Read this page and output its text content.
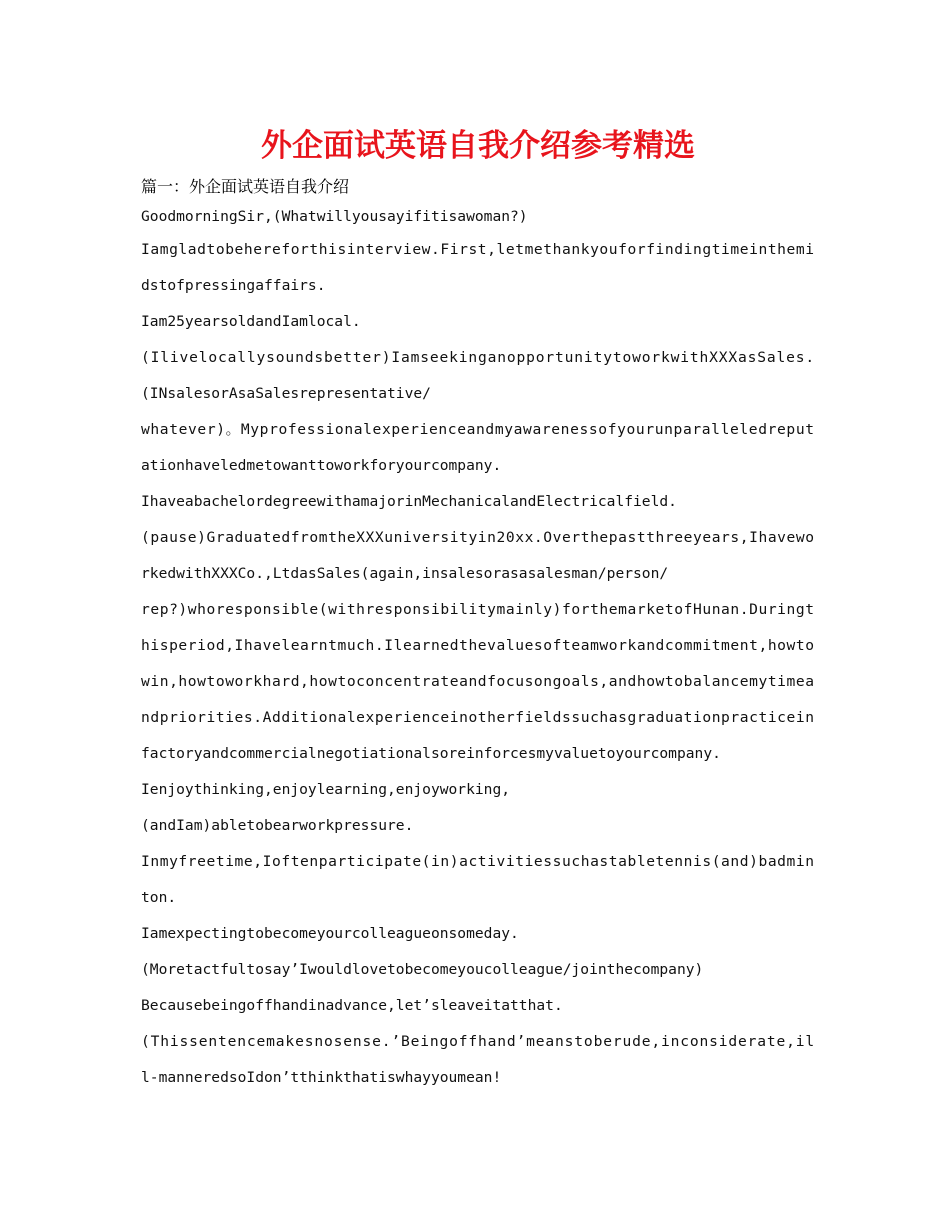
外企面试英语自我介绍参考精选

篇一：外企面试英语自我介绍

GoodmorningSir,(Whatwillyousayifitisawoman?)
Iamgladtobehereforthisinterview.First,letmethankyouforfindingtimeinthemi
dstofpressingaffairs.
Iam25yearsoldandIamlocal.
(Ilivelocallysoundsbetter)IamseekinganopportunitytoworkwithXXXasSales.
(INsalesorAsaSalesrepresentative/
whatever)。Myprofessionalexperienceandmyawarenessofyourunparalleledreput
ationhaveledmetowanttoworkforyourcompany.
IhaveabachelordegreewithamajorinMechanicalandElectricalfield.
(pause)GraduatedfromtheXXXuniversityin20xx.Overthepastthreeyears,Ihavewo
rkedwithXXXCo.,LtdasSales(again,insalesorasasalesman/person/
rep?)whoresponsible(withresponsibilitymainly)forthemarketofHunan.Duringt
hisperiod,Ihavelearntmuch.Ilearnedthevaluesofteamworkandcommitment,howto
win,howtoworkhard,howtoconcentrateandfocusongoals,andhowtobalancemytimea
ndpriorities.Additionalexperienceinotherfieldssuchasgraduationpracticein
factoryandcommercialnegotiationalsoreinforcesmyvaluetoyourcompany.
Ienjoythinking,enjoylearning,enjoyworking,
(andIam)abletobearworkpressure.
Inmyfreetime,Ioftenparticipate(in)activitiessuchastabletennis(and)badmin
ton.
Iamexpectingtobecomeyourcolleagueonsomeday.
(Moretactfultosay’Iwouldlovetobecomeyoucolleague/jointhecompany)
Becausebeingoffhandinadvance,let’sleaveitatthat.
(Thissentencemakesnosense.’Beingoffhand’meanstoberude,inconsiderate,il
l-manneredsoIdon’tthinkthatiswhayyoumean!
